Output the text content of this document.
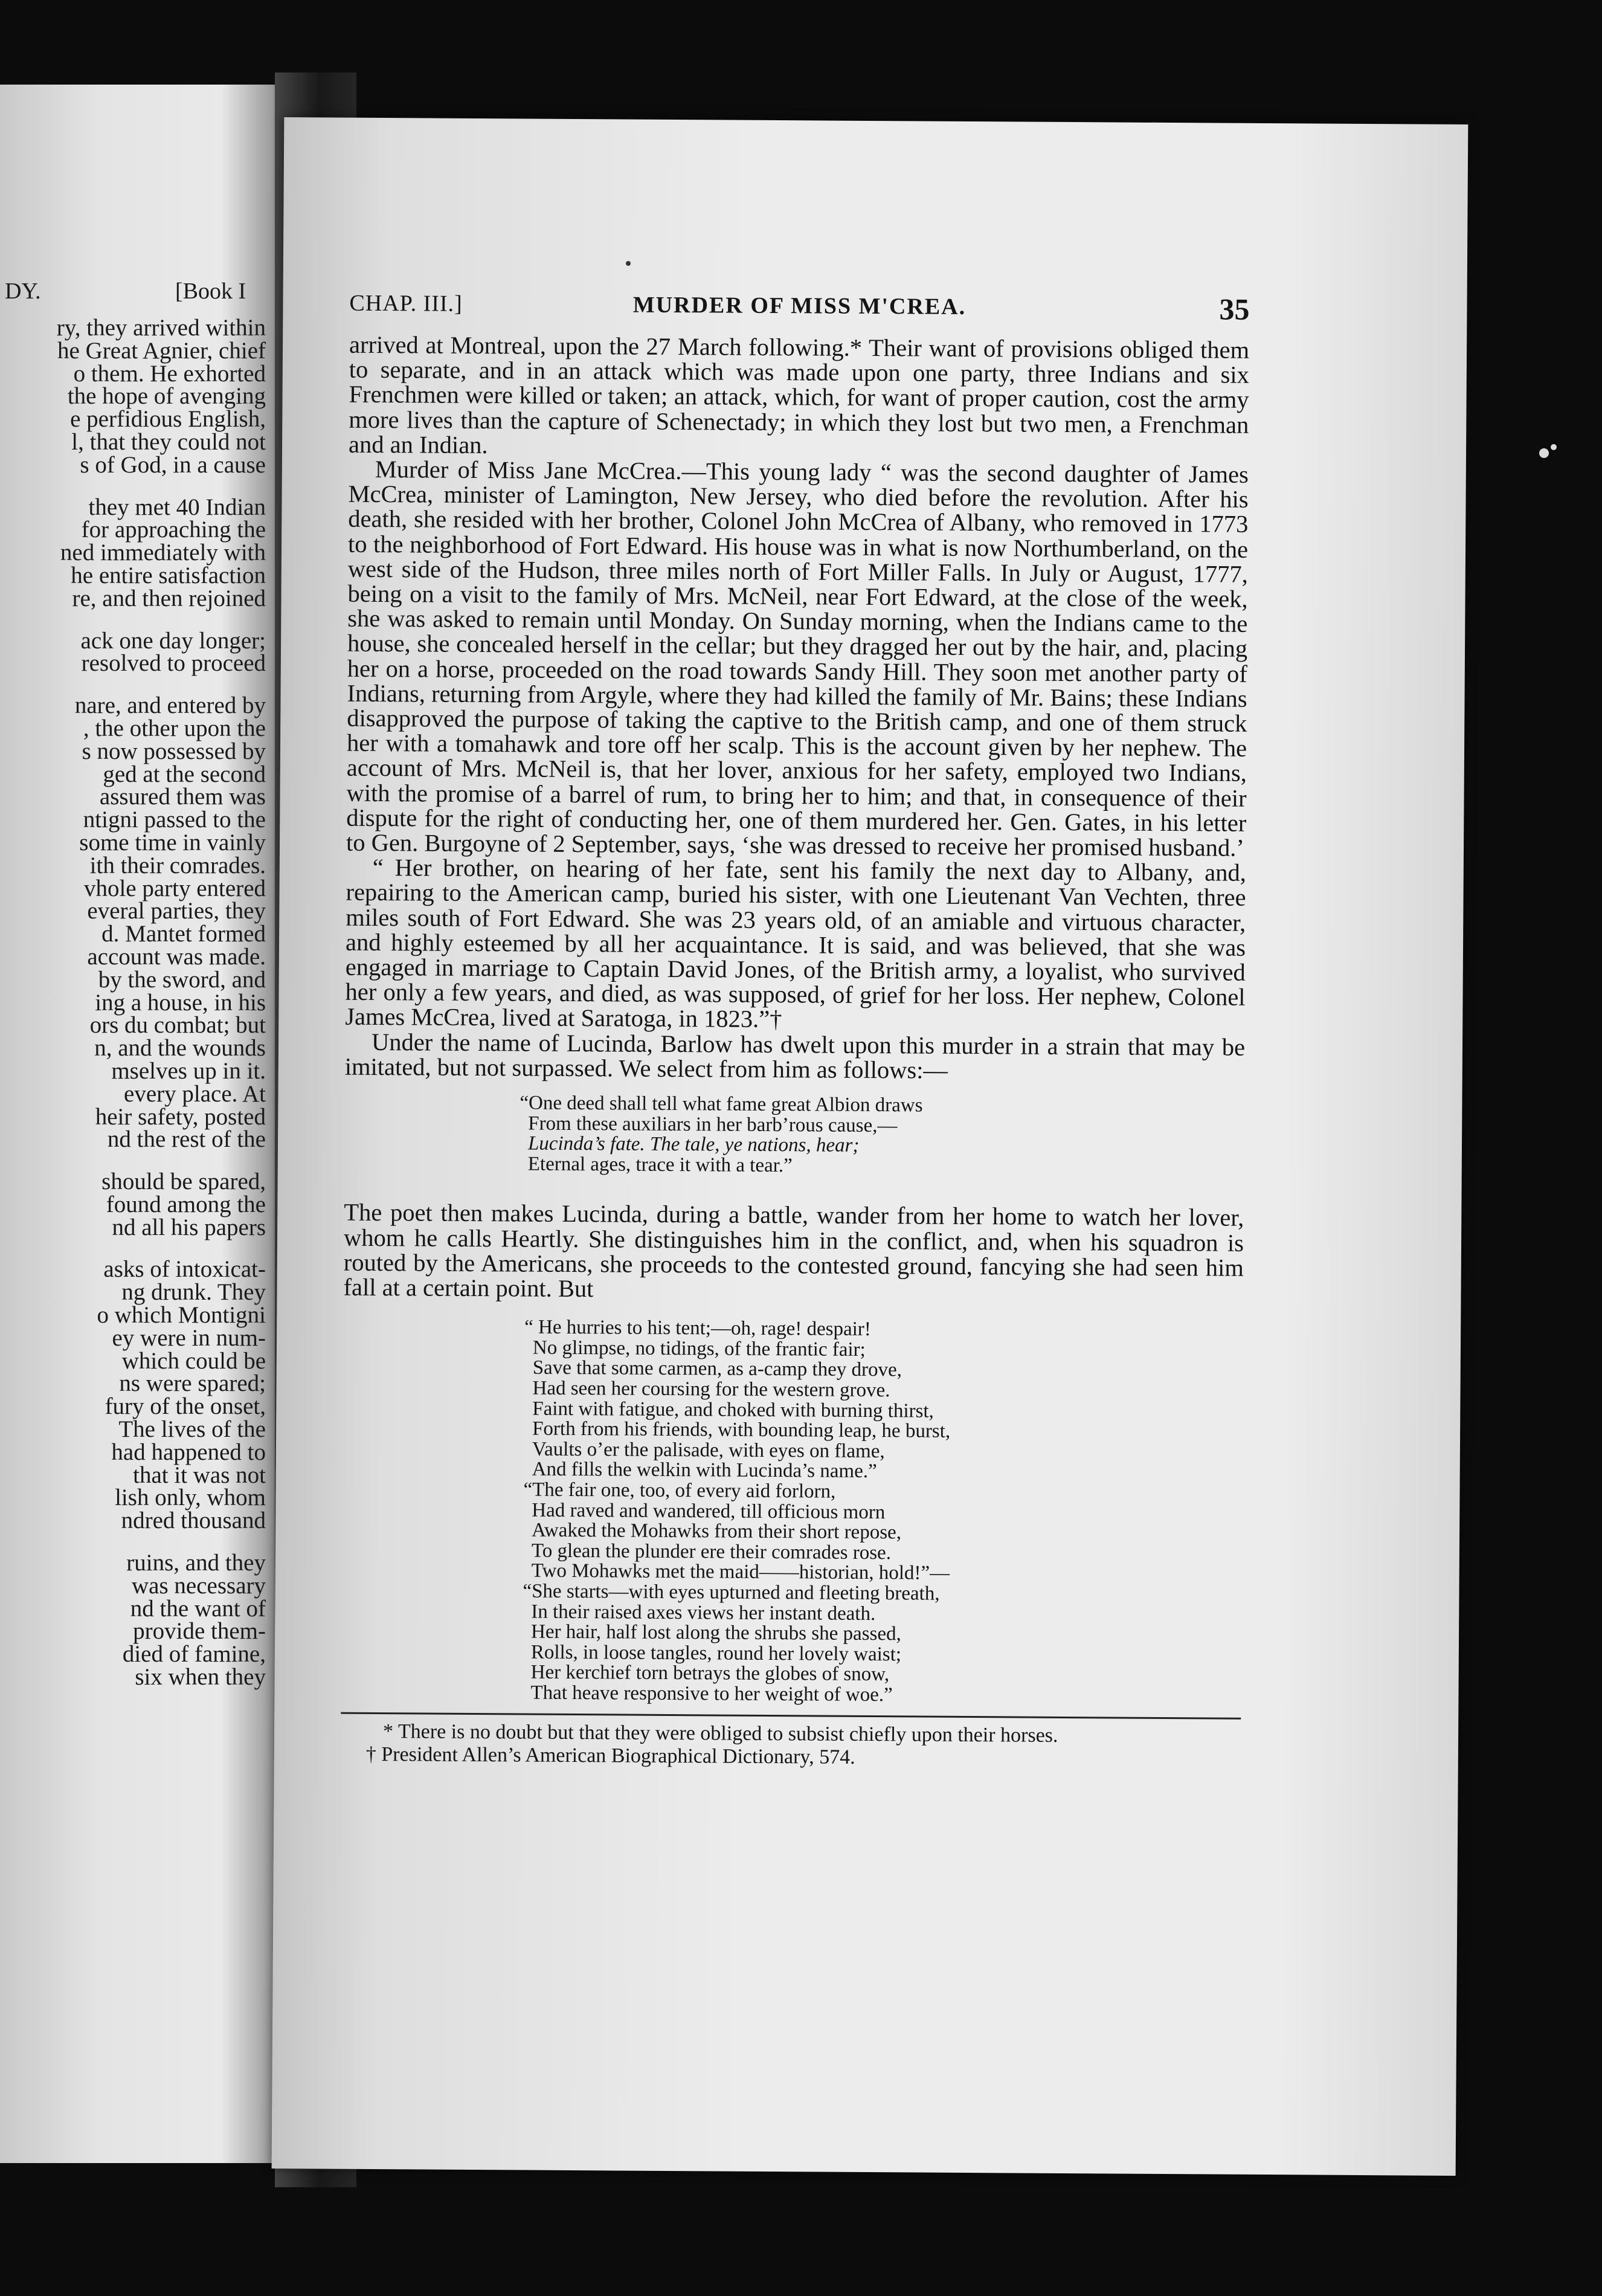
DY.	[Book I
ry, they arrived within
he Great Agnier, chief
o them. He exhorted
the hope of avenging
e perfidious English,
l, that they could not
s of God, in a cause
they met 40 Indian
for approaching the
ned immediately with
he entire satisfaction
re, and then rejoined
ack one day longer;
resolved to proceed
nare, and entered by
, the other upon the
s now possessed by
ged at the second
assured them was
ntigni passed to the
some time in vainly
ith their comrades.
vhole party entered
everal parties, they
d. Mantet formed
account was made.
by the sword, and
ing a house, in his
ors du combat; but
n, and the wounds
mselves up in it.
every place. At
heir safety, posted
nd the rest of the
should be spared,
found among the
nd all his papers
asks of intoxicat-
ng drunk. They
o which Montigni
ey were in num-
which could be
ns were spared;
fury of the onset,
The lives of the
had happened to
that it was not
lish only, whom
ndred thousand
ruins, and they
was necessary
nd the want of
provide them-
died of famine,
six when they
CHAP. III.]	MURDER OF MISS M'CREA.	35

arrived at Montreal, upon the 27 March following.* Their want of provisions obliged them to separate, and in an attack which was made upon one party, three Indians and six Frenchmen were killed or taken; an attack, which, for want of proper caution, cost the army more lives than the capture of Schenectady; in which they lost but two men, a Frenchman and an Indian.

Murder of Miss Jane McCrea.—This young lady “ was the second daughter of James McCrea, minister of Lamington, New Jersey, who died before the revolution. After his death, she resided with her brother, Colonel John McCrea of Albany, who removed in 1773 to the neighborhood of Fort Edward. His house was in what is now Northumberland, on the west side of the Hudson, three miles north of Fort Miller Falls. In July or August, 1777, being on a visit to the family of Mrs. McNeil, near Fort Edward, at the close of the week, she was asked to remain until Monday. On Sunday morning, when the Indians came to the house, she concealed herself in the cellar; but they dragged her out by the hair, and, placing her on a horse, proceeded on the road towards Sandy Hill. They soon met another party of Indians, returning from Argyle, where they had killed the family of Mr. Bains; these Indians disapproved the purpose of taking the captive to the British camp, and one of them struck her with a tomahawk and tore off her scalp. This is the account given by her nephew. The account of Mrs. McNeil is, that her lover, anxious for her safety, employed two Indians, with the promise of a barrel of rum, to bring her to him; and that, in consequence of their dispute for the right of conducting her, one of them murdered her. Gen. Gates, in his letter to Gen. Burgoyne of 2 September, says, ‘she was dressed to receive her promised husband.’

“ Her brother, on hearing of her fate, sent his family the next day to Albany, and, repairing to the American camp, buried his sister, with one Lieutenant Van Vechten, three miles south of Fort Edward. She was 23 years old, of an amiable and virtuous character, and highly esteemed by all her acquaintance. It is said, and was believed, that she was engaged in marriage to Captain David Jones, of the British army, a loyalist, who survived her only a few years, and died, as was supposed, of grief for her loss. Her nephew, Colonel James McCrea, lived at Saratoga, in 1823.”†

Under the name of Lucinda, Barlow has dwelt upon this murder in a strain that may be imitated, but not surpassed. We select from him as follows:—

“One deed shall tell what fame great Albion draws
From these auxiliars in her barb’rous cause,—
Lucinda’s fate. The tale, ye nations, hear;
Eternal ages, trace it with a tear.”

The poet then makes Lucinda, during a battle, wander from her home to watch her lover, whom he calls Heartly. She distinguishes him in the conflict, and, when his squadron is routed by the Americans, she proceeds to the contested ground, fancying she had seen him fall at a certain point. But

“ He hurries to his tent;—oh, rage! despair!
No glimpse, no tidings, of the frantic fair;
Save that some carmen, as a-camp they drove,
Had seen her coursing for the western grove.
Faint with fatigue, and choked with burning thirst,
Forth from his friends, with bounding leap, he burst,
Vaults o’er the palisade, with eyes on flame,
And fills the welkin with Lucinda’s name.”
“The fair one, too, of every aid forlorn,
Had raved and wandered, till officious morn
Awaked the Mohawks from their short repose,
To glean the plunder ere their comrades rose.
Two Mohawks met the maid——historian, hold!”—
“She starts—with eyes upturned and fleeting breath,
In their raised axes views her instant death.
Her hair, half lost along the shrubs she passed,
Rolls, in loose tangles, round her lovely waist;
Her kerchief torn betrays the globes of snow,
That heave responsive to her weight of woe.”
* There is no doubt but that they were obliged to subsist chiefly upon their horses.
† President Allen’s American Biographical Dictionary, 574.
